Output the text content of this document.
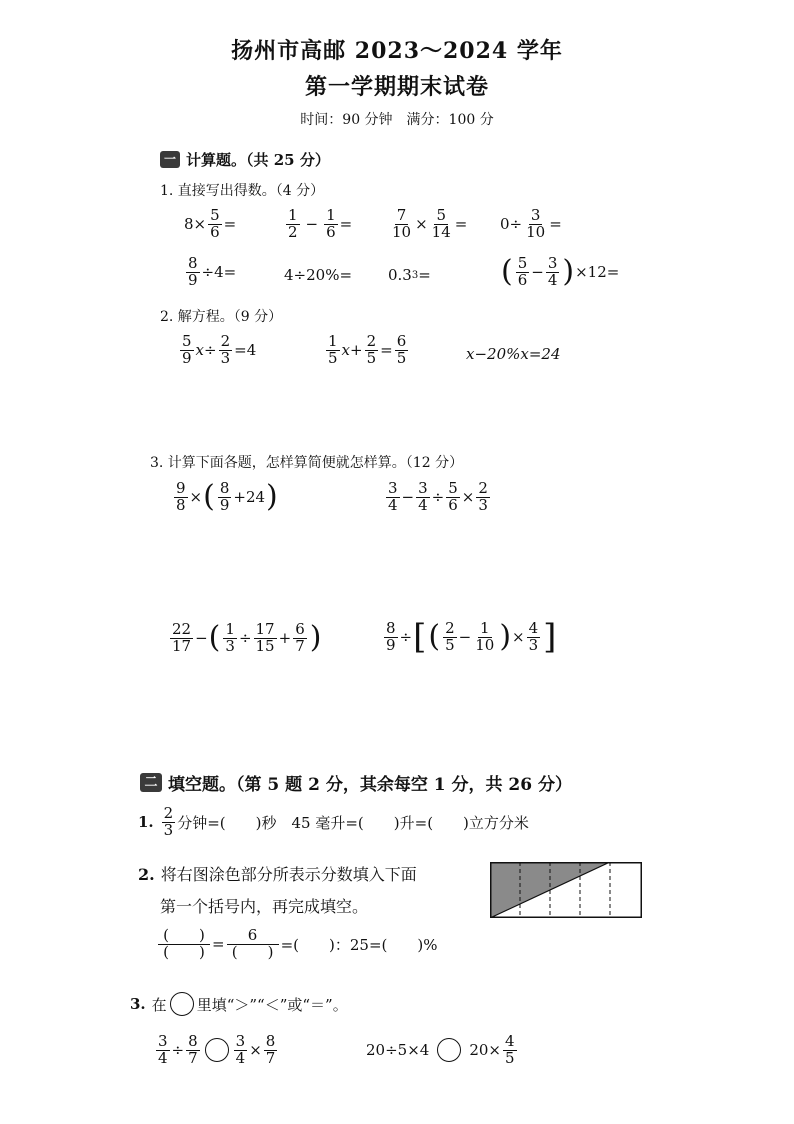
扬州市高邮 2023～2024 学年
第一学期期末试卷
时间：90 分钟　满分：100 分
一 计算题。（共 25 分）
1. 直接写出得数。（4 分）
$8\times \frac{5}{6}$ =	$\frac{1}{2} - \frac{1}{6}$ =	$\frac{7}{10} \times \frac{5}{14} = 0\div \frac{3}{10}$ =
$\frac{8}{9} \div 4=$	4÷20%= 0.3 3 = ( $\frac{5}{6} - \frac{3}{4}$ ) ×12=
2. 解方程。（9 分）
$\frac{5}{9} x\div \frac{2}{3} =4$	$\frac{1}{5} x+ \frac{2}{5} = \frac{6}{5}$	x−20%x=24
3. 计算下面各题，怎样算简便就怎样算。（12 分）
$\frac{9}{8}$ × ( $\frac{8}{9} +24$ )	$\frac{3}{4} - \frac{3}{4} \div \frac{5}{6} \times \frac{2}{3}$
$\frac{22}{17}$ − ( $\frac{1}{3} \div \frac{17}{15} + \frac{6}{7}$ )	$\frac{8}{9}$ ÷ [ ( $\frac{2}{5} - \frac{1}{10}$ ) × $\frac{4}{3}$ ]
二 填空题。（第 5 题 2 分，其余每空 1 分，共 26 分）
1. $\frac{2}{3}$ 分钟=(　　)秒　45 毫升=(　　)升=(　　)立方分米
2. 将右图涂色部分所表示分数填入下面
第一个括号内，再完成填空。
$\frac{( )}{( )} = \frac{6}{( )}$ =(　　)：25=(　　)%
3. 在 里填“＞”“＜”或“＝”。
$\frac{3}{4} \div \frac{8}{7} \frac{3}{4} \times \frac{8}{7}$	20÷5×4	$20\times \frac{4}{5}$
